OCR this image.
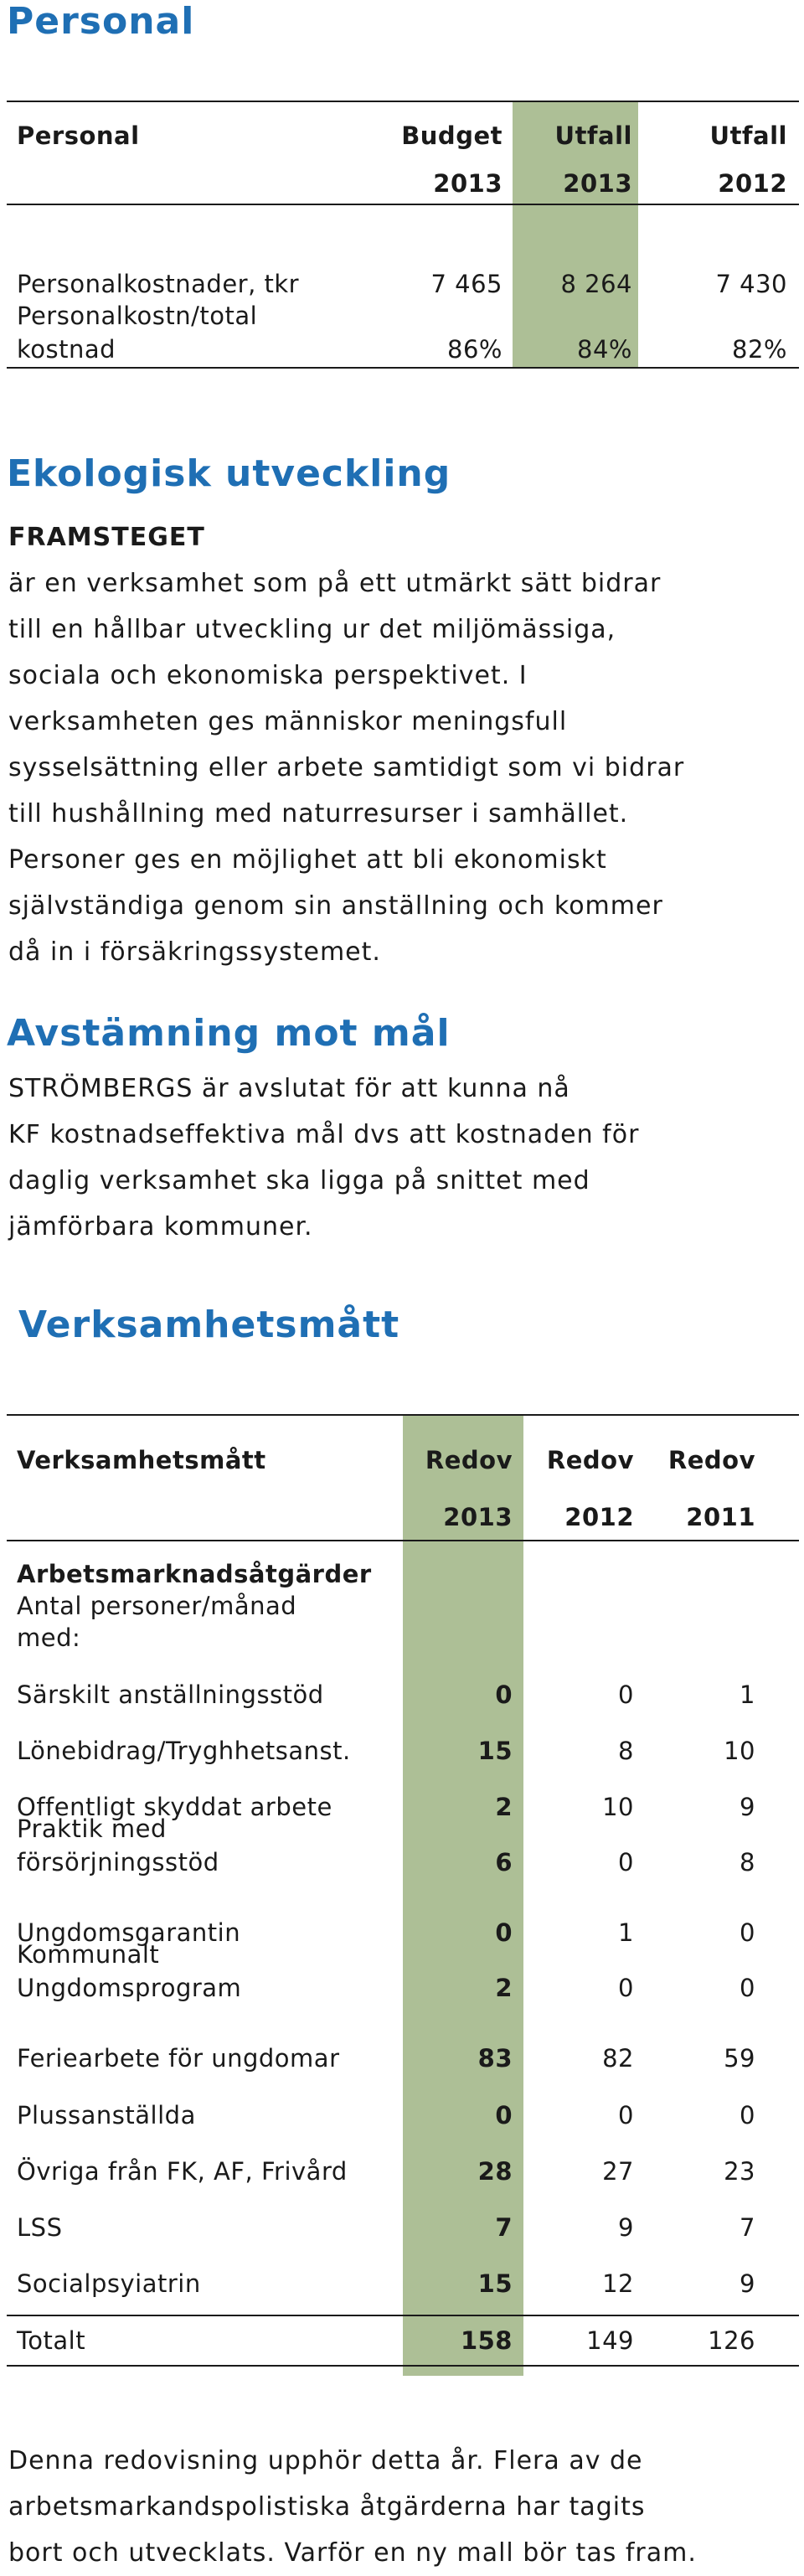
Personal
Personal	Budget	Utfall	Utfall
2013	2013	2012
Personalkostnader, tkr	7 465	8 264	7 430
Personalkostn/total
kostnad	86%	84%	82%
Ekologisk utveckling
FRAMSTEGET
är en verksamhet som på ett utmärkt sätt bidrar
till en hållbar utveckling ur det miljömässiga,
sociala och ekonomiska perspektivet. I
verksamheten ges människor meningsfull
sysselsättning eller arbete samtidigt som vi bidrar
till hushållning med naturresurser i samhället.
Personer ges en möjlighet att bli ekonomiskt
självständiga genom sin anställning och kommer
då in i försäkringssystemet.
Avstämning mot mål
STRÖMBERGS är avslutat för att kunna nå
KF kostnadseffektiva mål dvs att kostnaden för
daglig verksamhet ska ligga på snittet med
jämförbara kommuner.
Verksamhetsmått
Verksamhetsmått	Redov	Redov	Redov
2013	2012	2011
Arbetsmarknadsåtgärder
Antal personer/månad
med:
Särskilt anställningsstöd	0	0	1
Lönebidrag/Tryghhetsanst.	15	8	10
Offentligt skyddat arbete	2	10	9
Praktik med
försörjningsstöd	6	0	8
Ungdomsgarantin	0	1	0
Kommunalt
Ungdomsprogram	2	0	0
Feriearbete för ungdomar	83	82	59
Plussanställda	0	0	0
Övriga från FK, AF, Frivård	28	27	23
LSS	7	9	7
Socialpsyiatrin	15	12	9
Totalt	158	149	126
Denna redovisning upphör detta år. Flera av de
arbetsmarkandspolistiska åtgärderna har tagits
bort och utvecklats. Varför en ny mall bör tas fram.
